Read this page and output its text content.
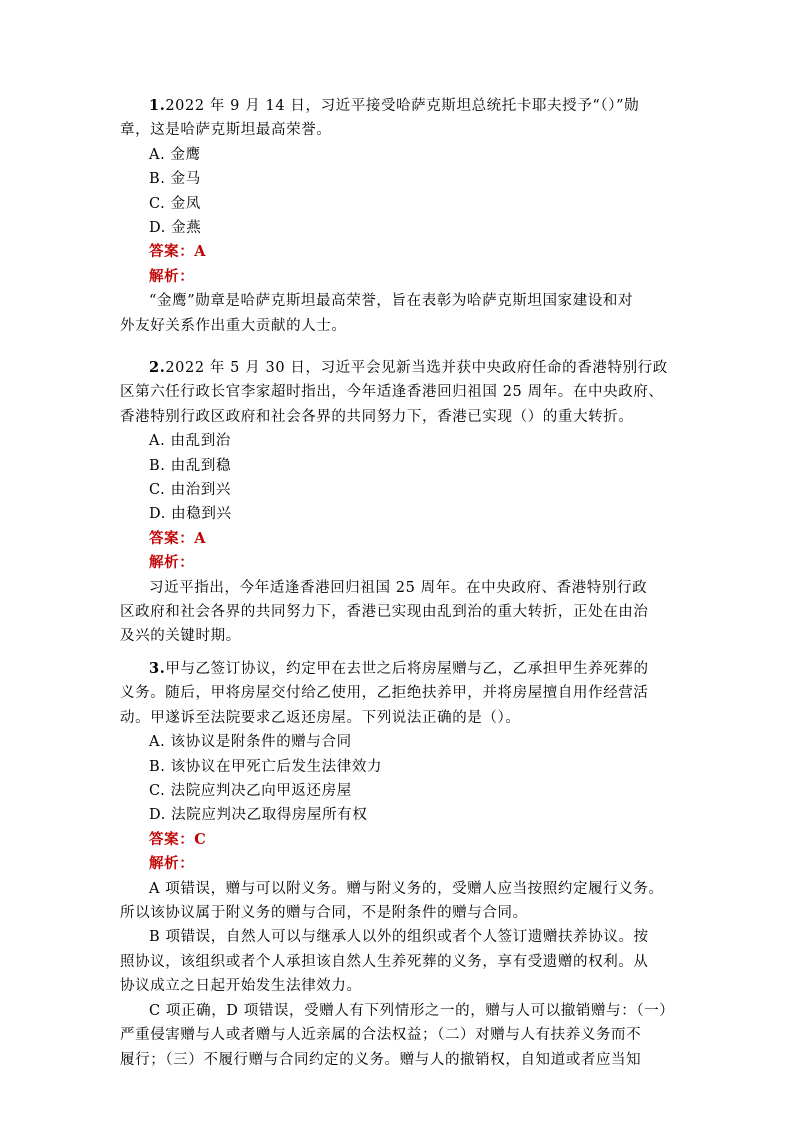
1.2022 年 9 月 14 日，习近平接受哈萨克斯坦总统托卡耶夫授予“（）”勋
章，这是哈萨克斯坦最高荣誉。
A. 金鹰
B. 金马
C. 金凤
D. 金燕
答案：A
解析：
“金鹰”勋章是哈萨克斯坦最高荣誉，旨在表彰为哈萨克斯坦国家建设和对
外友好关系作出重大贡献的人士。
2.2022 年 5 月 30 日，习近平会见新当选并获中央政府任命的香港特别行政
区第六任行政长官李家超时指出，今年适逢香港回归祖国 25 周年。在中央政府、
香港特别行政区政府和社会各界的共同努力下，香港已实现（）的重大转折。
A. 由乱到治
B. 由乱到稳
C. 由治到兴
D. 由稳到兴
答案：A
解析：
习近平指出，今年适逢香港回归祖国 25 周年。在中央政府、香港特别行政
区政府和社会各界的共同努力下，香港已实现由乱到治的重大转折，正处在由治
及兴的关键时期。
3.甲与乙签订协议，约定甲在去世之后将房屋赠与乙，乙承担甲生养死葬的
义务。随后，甲将房屋交付给乙使用，乙拒绝扶养甲，并将房屋擅自用作经营活
动。甲遂诉至法院要求乙返还房屋。下列说法正确的是（）。
A. 该协议是附条件的赠与合同
B. 该协议在甲死亡后发生法律效力
C. 法院应判决乙向甲返还房屋
D. 法院应判决乙取得房屋所有权
答案：C
解析：
A 项错误，赠与可以附义务。赠与附义务的，受赠人应当按照约定履行义务。
所以该协议属于附义务的赠与合同，不是附条件的赠与合同。
B 项错误，自然人可以与继承人以外的组织或者个人签订遗赠扶养协议。按
照协议，该组织或者个人承担该自然人生养死葬的义务，享有受遗赠的权利。从
协议成立之日起开始发生法律效力。
C 项正确，D 项错误，受赠人有下列情形之一的，赠与人可以撤销赠与：（一）
严重侵害赠与人或者赠与人近亲属的合法权益；（二）对赠与人有扶养义务而不
履行；（三）不履行赠与合同约定的义务。赠与人的撤销权，自知道或者应当知
